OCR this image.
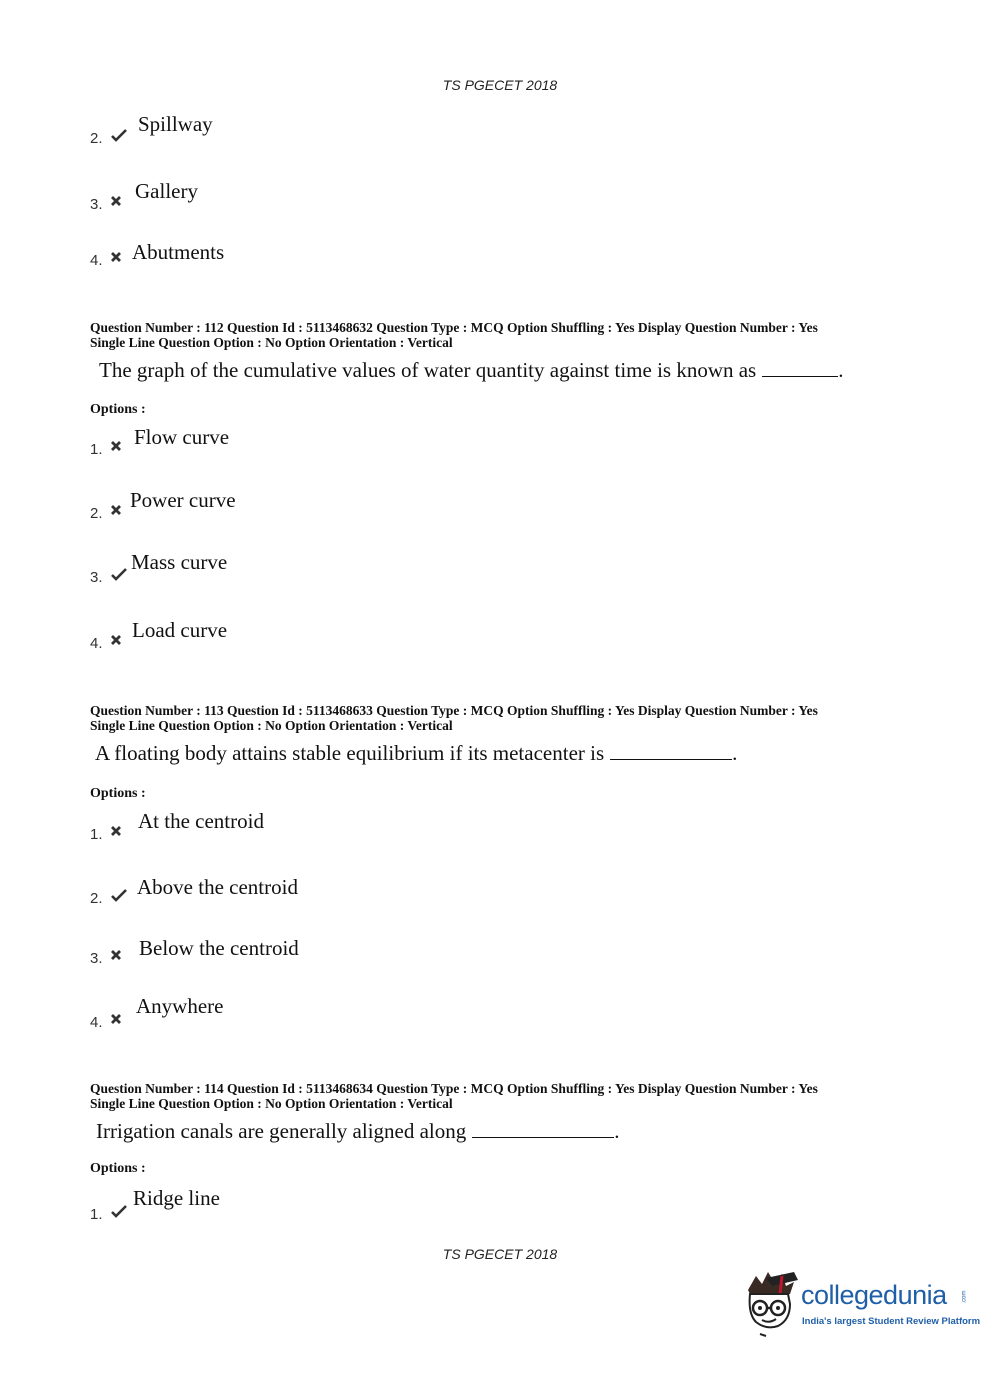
TS PGECET 2018
2.
Spillway
3.
Gallery
4. Abutments
Question Number : 112 Question Id : 5113468632 Question Type : MCQ Option Shuffling : Yes Display Question Number : Yes
Single Line Question Option : No Option Orientation : Vertical
The graph of the cumulative values of water quantity against time is known as	.
Options :
1.
Flow curve
2.
Power curve
3.
Mass curve
4.
Load curve
Question Number : 113 Question Id : 5113468633 Question Type : MCQ Option Shuffling : Yes Display Question Number : Yes
Single Line Question Option : No Option Orientation : Vertical
A floating body attains stable equilibrium if its metacenter is	.
Options :
1.
At the centroid
2. Above the centroid
3. Below the centroid
4.
Anywhere
Question Number : 114 Question Id : 5113468634 Question Type : MCQ Option Shuffling : Yes Display Question Number : Yes
Single Line Question Option : No Option Orientation : Vertical
Irrigation canals are generally aligned along	.
Options :
1.
Ridge line
TS PGECET 2018
collegedunia .com
India's largest Student Review Platform
